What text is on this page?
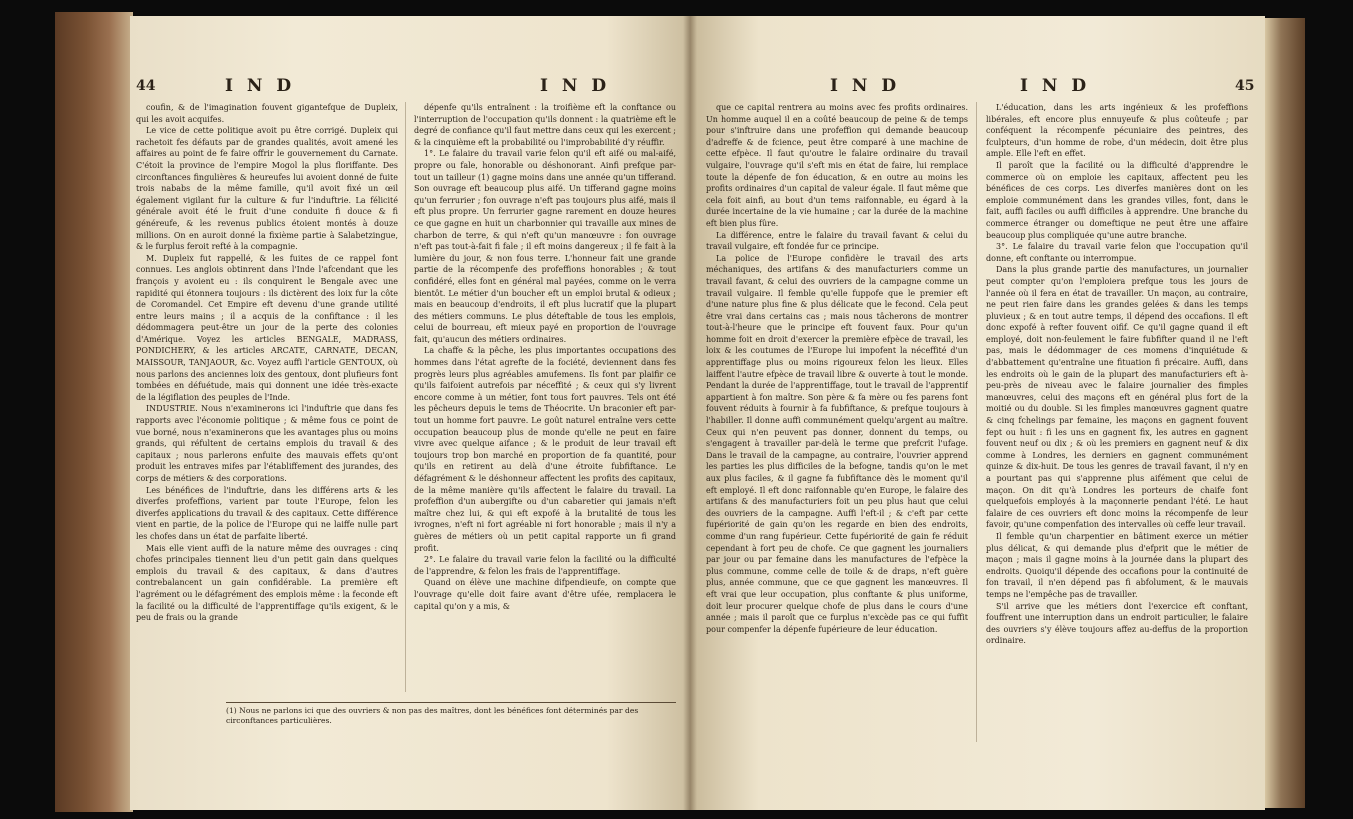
44	I N D	I N D

coufin, & de l'imagination fouvent gigantefque de Dupleix, qui les avoit acquifes.

Le vice de cette politique avoit pu être corrigé. Dupleix qui rachetoit fes défauts par de grandes qualités, avoit amené les affaires au point de fe faire offrir le gouvernement du Carnate. C'étoit la province de l'empire Mogol la plus floriffante. Des circonftances fingulières & heureufes lui avoient donné de fuite trois nababs de la même famille, qu'il avoit fixé un œil également vigilant fur la culture & fur l'induftrie. La félicité générale avoit été le fruit d'une conduite fi douce & fi généreufe, & les revenus publics étoient montés à douze millions. On en auroit donné la fixième partie à Salabetzingue, & le furplus feroit refté à la compagnie.

M. Dupleix fut rappellé, & les fuites de ce rappel font connues. Les anglois obtinrent dans l'Inde l'afcendant que les françois y avoient eu : ils conquirent le Bengale avec une rapidité qui étonnera toujours : ils dictèrent des loix fur la côte de Coromandel. Cet Empire eft devenu d'une grande utilité entre leurs mains ; il a acquis de la confiftance : il les dédommagera peut-être un jour de la perte des colonies d'Amérique. Voyez les articles BENGALE, MADRASS, PONDICHERY, & les articles ARCATE, CARNATE, DECAN, MAISSOUR, TANJAOUR, &c. Voyez auffi l'article GENTOUX, où nous parlons des anciennes loix des gentoux, dont plufieurs font tombées en défuétude, mais qui donnent une idée très-exacte de la légiflation des peuples de l'Inde.

INDUSTRIE. Nous n'examinerons ici l'induftrie que dans fes rapports avec l'économie politique ; & même fous ce point de vue borné, nous n'examinerons que les avantages plus ou moins grands, qui réfultent de certains emplois du travail & des capitaux ; nous parlerons enfuite des mauvais effets qu'ont produit les entraves mifes par l'établiffement des jurandes, des corps de métiers & des corporations.

Les bénéfices de l'induftrie, dans les différens arts & les diverfes profeffions, varient par toute l'Europe, felon les diverfes applications du travail & des capitaux. Cette différence vient en partie, de la police de l'Europe qui ne laiffe nulle part les chofes dans un état de parfaite liberté.

Mais elle vient auffi de la nature même des ouvrages : cinq chofes principales tiennent lieu d'un petit gain dans quelques emplois du travail & des capitaux, & dans d'autres contrebalancent un gain confidérable. La première eft l'agrément ou le défagrément des emplois même : la feconde eft la facilité ou la difficulté de l'apprentiffage qu'ils exigent, & le peu de frais ou la grande

dépenfe qu'ils entraînent : la troifième eft la conftance ou l'interruption de l'occupation qu'ils donnent : la quatrième eft le degré de confiance qu'il faut mettre dans ceux qui les exercent ; & la cinquième eft la probabilité ou l'improbabilité d'y réuffir.

1°. Le falaire du travail varie felon qu'il eft aifé ou mal-aifé, propre ou fale, honorable ou déshonorant. Ainfi prefque par-tout un tailleur (1) gagne moins dans une année qu'un tifferand. Son ouvrage eft beaucoup plus aifé. Un tifferand gagne moins qu'un ferrurier ; fon ouvrage n'eft pas toujours plus aifé, mais il eft plus propre. Un ferrurier gagne rarement en douze heures ce que gagne en huit un charbonnier qui travaille aux mines de charbon de terre, & qui n'eft qu'un manœuvre : fon ouvrage n'eft pas tout-à-fait fi fale ; il eft moins dangereux ; il fe fait à la lumière du jour, & non fous terre. L'honneur fait une grande partie de la récompenfe des profeffions honorables ; & tout confidéré, elles font en général mal payées, comme on le verra bientôt. Le métier d'un boucher eft un emploi brutal & odieux ; mais en beaucoup d'endroits, il eft plus lucratif que la plupart des métiers communs. Le plus déteftable de tous les emplois, celui de bourreau, eft mieux payé en proportion de l'ouvrage fait, qu'aucun des métiers ordinaires.

La chaffe & la pêche, les plus importantes occupations des hommes dans l'état agrefte de la fociété, deviennent dans fes progrès leurs plus agréables amufemens. Ils font par plaifir ce qu'ils faifoient autrefois par néceffité ; & ceux qui s'y livrent encore comme à un métier, font tous fort pauvres. Tels ont été les pêcheurs depuis le tems de Théocrite. Un braconier eft par-tout un homme fort pauvre. Le goût naturel entraîne vers cette occupation beaucoup plus de monde qu'elle ne peut en faire vivre avec quelque aifance ; & le produit de leur travail eft toujours trop bon marché en proportion de fa quantité, pour qu'ils en retirent au delà d'une étroite fubfiftance. Le défagrément & le déshonneur affectent les profits des capitaux, de la même manière qu'ils affectent le falaire du travail. La profeffion d'un aubergifte ou d'un cabaretier qui jamais n'eft maître chez lui, & qui eft expofé à la brutalité de tous les ivrognes, n'eft ni fort agréable ni fort honorable ; mais il n'y a guères de métiers où un petit capital rapporte un fi grand profit.

2°. Le falaire du travail varie felon la facilité ou la difficulté de l'apprendre, & felon les frais de l'apprentiffage.

Quand on élève une machine difpendieufe, on compte que l'ouvrage qu'elle doit faire avant d'être ufée, remplacera le capital qu'on y a mis, &

(1) Nous ne parlons ici que des ouvriers & non pas des maîtres, dont les bénéfices font déterminés par des circonftances particulières.
I N D	I N D	45

que ce capital rentrera au moins avec fes profits ordinaires. Un homme auquel il en a coûté beaucoup de peine & de temps pour s'inftruire dans une profeffion qui demande beaucoup d'adreffe & de fcience, peut être comparé à une machine de cette efpèce. Il faut qu'outre le falaire ordinaire du travail vulgaire, l'ouvrage qu'il s'eft mis en état de faire, lui remplace toute la dépenfe de fon éducation, & en outre au moins les profits ordinaires d'un capital de valeur égale. Il faut même que cela foit ainfi, au bout d'un tems raifonnable, eu égard à la durée incertaine de la vie humaine ; car la durée de la machine eft bien plus fûre.

La différence, entre le falaire du travail favant & celui du travail vulgaire, eft fondée fur ce principe.

La police de l'Europe confidère le travail des arts méchaniques, des artifans & des manufacturiers comme un travail favant, & celui des ouvriers de la campagne comme un travail vulgaire. Il femble qu'elle fuppofe que le premier eft d'une nature plus fine & plus délicate que le fecond. Cela peut être vrai dans certains cas ; mais nous tâcherons de montrer tout-à-l'heure que le principe eft fouvent faux. Pour qu'un homme foit en droit d'exercer la première efpèce de travail, les loix & les coutumes de l'Europe lui impofent la néceffité d'un apprentiffage plus ou moins rigoureux felon les lieux. Elles laiffent l'autre efpèce de travail libre & ouverte à tout le monde. Pendant la durée de l'apprentiffage, tout le travail de l'apprentif appartient à fon maître. Son père & fa mère ou fes parens font fouvent réduits à fournir à fa fubfiftance, & prefque toujours à l'habiller. Il donne auffi communément quelqu'argent au maître. Ceux qui n'en peuvent pas donner, donnent du temps, ou s'engagent à travailler par-delà le terme que prefcrit l'ufage. Dans le travail de la campagne, au contraire, l'ouvrier apprend les parties les plus difficiles de la befogne, tandis qu'on le met aux plus faciles, & il gagne fa fubfiftance dès le moment qu'il eft employé. Il eft donc raifonnable qu'en Europe, le falaire des artifans & des manufacturiers foit un peu plus haut que celui des ouvriers de la campagne. Auffi l'eft-il ; & c'eft par cette fupériorité de gain qu'on les regarde en bien des endroits, comme d'un rang fupérieur. Cette fupériorité de gain fe réduit cependant à fort peu de chofe. Ce que gagnent les journaliers par jour ou par femaine dans les manufactures de l'efpèce la plus commune, comme celle de toile & de draps, n'eft guère plus, année commune, que ce que gagnent les manœuvres. Il eft vrai que leur occupation, plus conftante & plus uniforme, doit leur procurer quelque chofe de plus dans le cours d'une année ; mais il paroît que ce furplus n'excède pas ce qui fuffit pour compenfer la dépenfe fupérieure de leur éducation.

L'éducation, dans les arts ingénieux & les profeffions libérales, eft encore plus ennuyeufe & plus coûteufe ; par conféquent la récompenfe pécuniaire des peintres, des fculpteurs, d'un homme de robe, d'un médecin, doit être plus ample. Elle l'eft en effet.

Il paroît que la facilité ou la difficulté d'apprendre le commerce où on emploie les capitaux, affectent peu les bénéfices de ces corps. Les diverfes manières dont on les emploie communément dans les grandes villes, font, dans le fait, auffi faciles ou auffi difficiles à apprendre. Une branche du commerce étranger ou domeftique ne peut être une affaire beaucoup plus compliquée qu'une autre branche.

3°. Le falaire du travail varie felon que l'occupation qu'il donne, eft conftante ou interrompue.

Dans la plus grande partie des manufactures, un journalier peut compter qu'on l'emploiera prefque tous les jours de l'année où il fera en état de travailler. Un maçon, au contraire, ne peut rien faire dans les grandes gelées & dans les temps pluvieux ; & en tout autre temps, il dépend des occafions. Il eft donc expofé à refter fouvent oifif. Ce qu'il gagne quand il eft employé, doit non-feulement le faire fubfifter quand il ne l'eft pas, mais le dédommager de ces momens d'inquiétude & d'abbattement qu'entraîne une fituation fi précaire. Auffi, dans les endroits où le gain de la plupart des manufacturiers eft à-peu-près de niveau avec le falaire journalier des fimples manœuvres, celui des maçons eft en général plus fort de la moitié ou du double. Si les fimples manœuvres gagnent quatre & cinq fchelings par femaine, les maçons en gagnent fouvent fept ou huit : fi les uns en gagnent fix, les autres en gagnent fouvent neuf ou dix ; & où les premiers en gagnent neuf & dix comme à Londres, les derniers en gagnent communément quinze & dix-huit. De tous les genres de travail favant, il n'y en a pourtant pas qui s'apprenne plus aifément que celui de maçon. On dit qu'à Londres les porteurs de chaife font quelquefois employés à la maçonnerie pendant l'été. Le haut falaire de ces ouvriers eft donc moins la récompenfe de leur favoir, qu'une compenfation des intervalles où ceffe leur travail.

Il femble qu'un charpentier en bâtiment exerce un métier plus délicat, & qui demande plus d'efprit que le métier de maçon ; mais il gagne moins à la journée dans la plupart des endroits. Quoiqu'il dépende des occafions pour la continuité de fon travail, il n'en dépend pas fi abfolument, & le mauvais temps ne l'empêche pas de travailler.

S'il arrive que les métiers dont l'exercice eft conftant, fouffrent une interruption dans un endroit particulier, le falaire des ouvriers s'y élève toujours affez au-deffus de la proportion ordinaire.
